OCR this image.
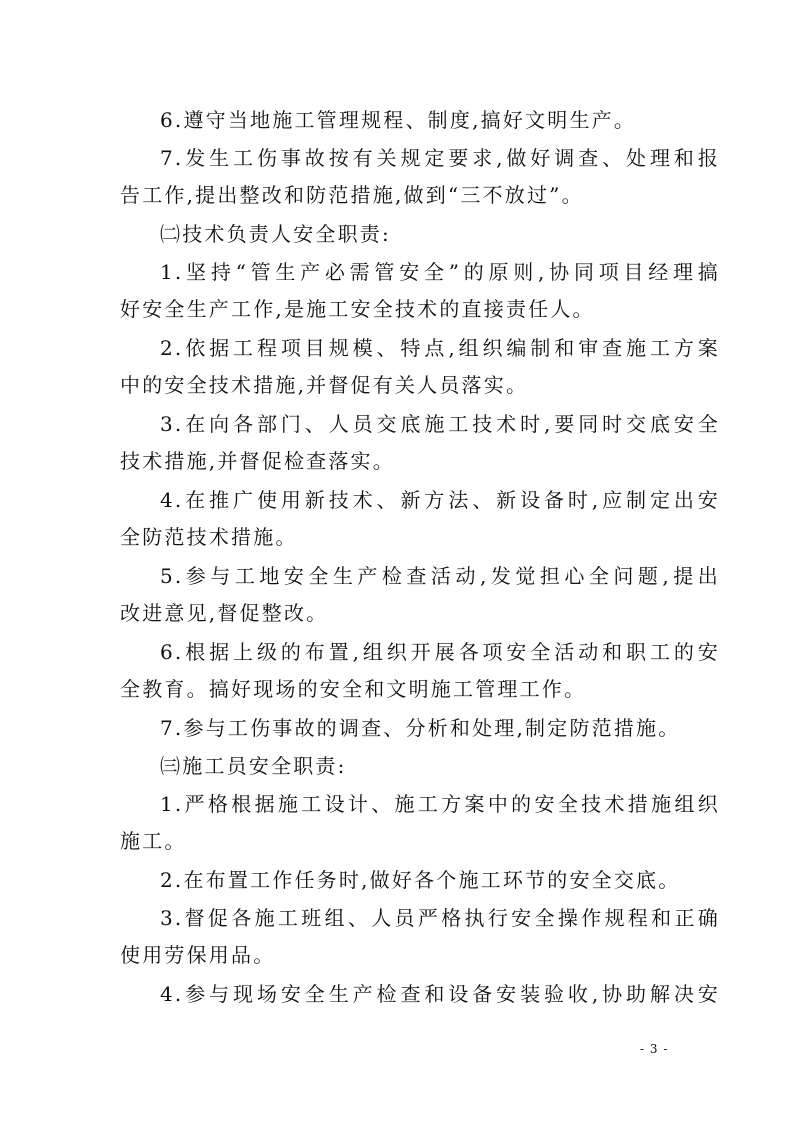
6.遵守当地施工管理规程、制度,搞好文明生产。
7.发生工伤事故按有关规定要求,做好调查、处理和报
告工作,提出整改和防范措施,做到“三不放过”。
㈡技术负责人安全职责:
1.坚持“管生产必需管安全”的原则,协同项目经理搞
好安全生产工作,是施工安全技术的直接责任人。
2.依据工程项目规模、特点,组织编制和审查施工方案
中的安全技术措施,并督促有关人员落实。
3.在向各部门、人员交底施工技术时,要同时交底安全
技术措施,并督促检查落实。
4.在推广使用新技术、新方法、新设备时,应制定出安
全防范技术措施。
5.参与工地安全生产检查活动,发觉担心全问题,提出
改进意见,督促整改。
6.根据上级的布置,组织开展各项安全活动和职工的安
全教育。搞好现场的安全和文明施工管理工作。
7.参与工伤事故的调查、分析和处理,制定防范措施。
㈢施工员安全职责:
1.严格根据施工设计、施工方案中的安全技术措施组织
施工。
2.在布置工作任务时,做好各个施工环节的安全交底。
3.督促各施工班组、人员严格执行安全操作规程和正确
使用劳保用品。
4.参与现场安全生产检查和设备安装验收,协助解决安
- 3 -
